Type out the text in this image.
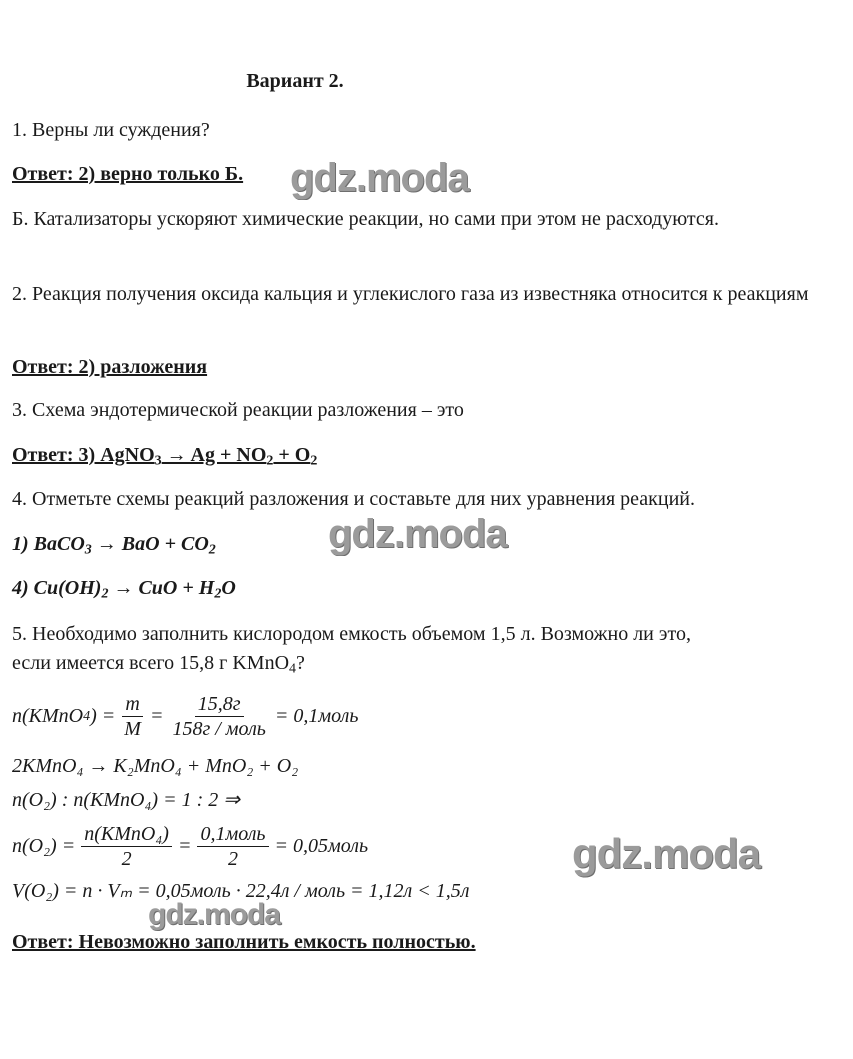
Вариант 2.
1. Верны ли суждения?
Ответ: 2) верно только Б.
Б. Катализаторы ускоряют химические реакции, но сами при этом не расходуются.
2. Реакция получения оксида кальция и углекислого газа из известняка относится к реакциям
Ответ: 2) разложения
3. Схема эндотермической реакции разложения – это
Ответ: 3) AgNO$_3$ → $Ag + NO_2 + O_2$
4. Отметьте схемы реакций разложения и составьте для них уравнения реакций.
1) BaCO$_3$ → BaO + $CO_2$
4) $Cu(OH)_2$ → CuO + $H_2O$
5. Необходимо заполнить кислородом емкость объемом 1,5 л. Возможно ли это,
если имеется всего 15,8 г KMnO$_4$?
n(KMnO 4 ) = $\frac{m}{M} = \frac{15,8г}{\text{158г / моль}}$ = 0,1моль
2KMnO₄ → K₂MnO₄ + MnO₂ + O₂
n(O₂) : n(KMnO₄) = 1 : 2 ⇒
$n(O_2) = \frac{\text{n(KMnO₄)}}{2} = \frac{\text{0,1моль}}{2}$ = 0,05моль
V(O₂) = n · Vₘ = 0,05моль · 22,4л / моль = 1,12л < 1,5л
Ответ: Невозможно заполнить емкость полностью.
gdz.moda
gdz.moda
gdz.moda
gdz.moda
